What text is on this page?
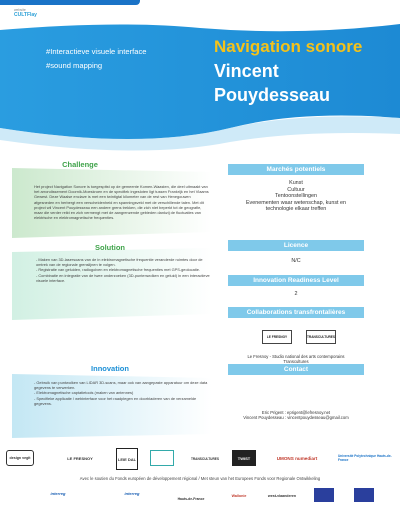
website
CULTFlay
#Interactieve visuele interface
#sound mapping
Navigation sonore
Vincent
Pouydesseau
Challenge
Het project Navigation Sonore is toegespitst op de gemeente Komen-Waasten, die deel uitmaakt van het arrondissement Doornik-Moeskroen en de specifiek ingesloten ligt tussen Frankrijk en het Vlaams Gewest. Deze Waalse enclave is met een twintigtal kilometer van de rest van Henegouwen afgesneden en herbergt een verscheidenheid en spanningsveld met de verschillende talen. Met dit project wil Vincent Pouydesseau een andere grens trekken, die zich niet beperkt tot de geografie, maar die verder reikt en zich vermengt met de aangrenzende gebieden dankzij de fluctuaties van elektrische en elektromagnetische frequenties.
Solution
- Maken van 3D-lasersoans van de in elektromagnetische frequentie veranderde ruimtes door de omtrek van de regionale grenslijnen te volgen.
- Registratie van geluiden, radiogolven en elektromagnetische frequenties met GPS-geolocatie.
- Combinatie en integratie van de twee onderzoeken (3D-puntenwolken en geluid) in een interactieve visuele interface.
Innovation
- Gebruik van puntwolken van LIDAR 3D-scans, maar ook van aangepaste apparatuur om deze data gegevens te verwerken.
- Elektromagnetische captatietools (maken van antennes)
- Specifieke applicatie / webinterface voor het raadplegen en doorbladeren van de verzamelde gegevens.
Marchés potentiels
Kunst
Cultuur
Tentoonstellingen
Evenementen waar wetenschap, kunst en
technologie elkaar treffen
Licence
N/C
Innovation Readiness Level
2
Collaborations transfrontalières
LE FRESNOY	TRANSCULTURES
Le Fresnoy - Studio national des arts contemporains
Transcultures
Contact
Eric Prigent : eprigent@lefresnoy.net
Vincent Pouydesseau : vincentpouydesseau@gmail.com
design vegit	LE FRESNOY	LEIE DAL	TRANSCULTURES	TWIST	UMONS numediart	Université Polytechnique Hauts-de-France
Avec le soutien du Fonds européen de développement régional / Met steun van het Europees Fonds voor Regionale Ontwikkeling
interreg	interreg
Hauts-de-France
Wallonie	west-vlaanderen
